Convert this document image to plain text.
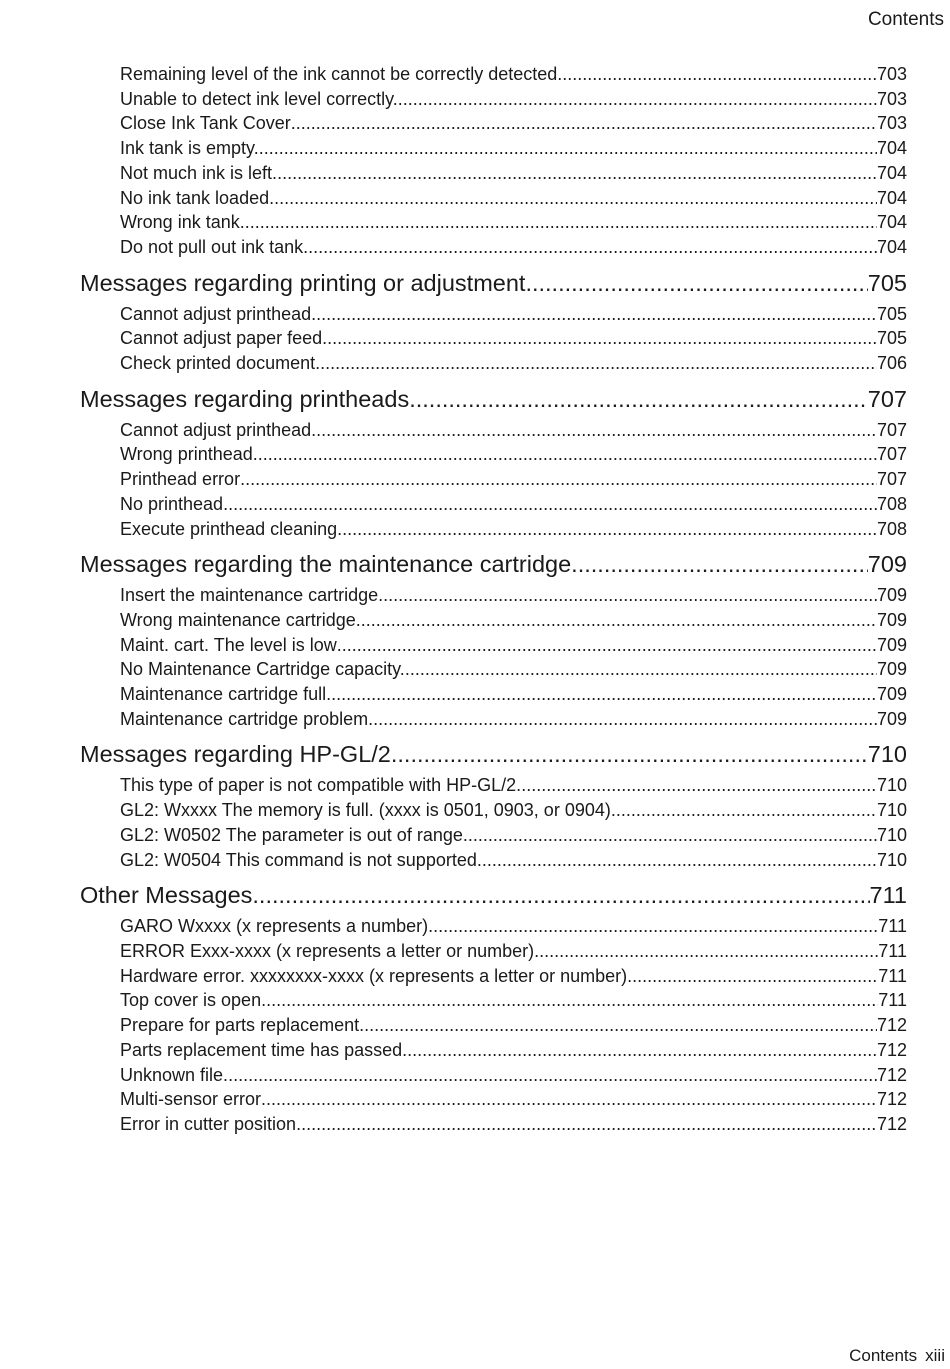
Contents
Remaining level of the ink cannot be correctly detected. .....	703
Unable to detect ink level correctly. .....	703
Close Ink Tank Cover .....	703
Ink tank is empty. .....	704
Not much ink is left. .....	704
No ink tank loaded. .....	704
Wrong ink tank. .....	704
Do not pull out ink tank. .....	704
Messages regarding printing or adjustment .....	705
Cannot adjust printhead. .....	705
Cannot adjust paper feed. .....	705
Check printed document. .....	706
Messages regarding printheads .....	707
Cannot adjust printhead. .....	707
Wrong printhead. .....	707
Printhead error .....	707
No printhead .....	708
Execute printhead cleaning. .....	708
Messages regarding the maintenance cartridge .....	709
Insert the maintenance cartridge. .....	709
Wrong maintenance cartridge. .....	709
Maint. cart. The level is low .....	709
No Maintenance Cartridge capacity. .....	709
Maintenance cartridge full. .....	709
Maintenance cartridge problem. .....	709
Messages regarding HP-GL/2 .....	710
This type of paper is not compatible with HP-GL/2. .....	710
GL2: Wxxxx The memory is full. (xxxx is 0501, 0903, or 0904) .....	710
GL2: W0502 The parameter is out of range. .....	710
GL2: W0504 This command is not supported. .....	710
Other Messages .....	711
GARO Wxxxx (x represents a number) .....	711
ERROR Exxx-xxxx (x represents a letter or number) .....	711
Hardware error. xxxxxxxx-xxxx (x represents a letter or number) .....	711
Top cover is open. .....	711
Prepare for parts replacement. .....	712
Parts replacement time has passed. .....	712
Unknown file. .....	712
Multi-sensor error .....	712
Error in cutter position. .....	712
Contents xiii
